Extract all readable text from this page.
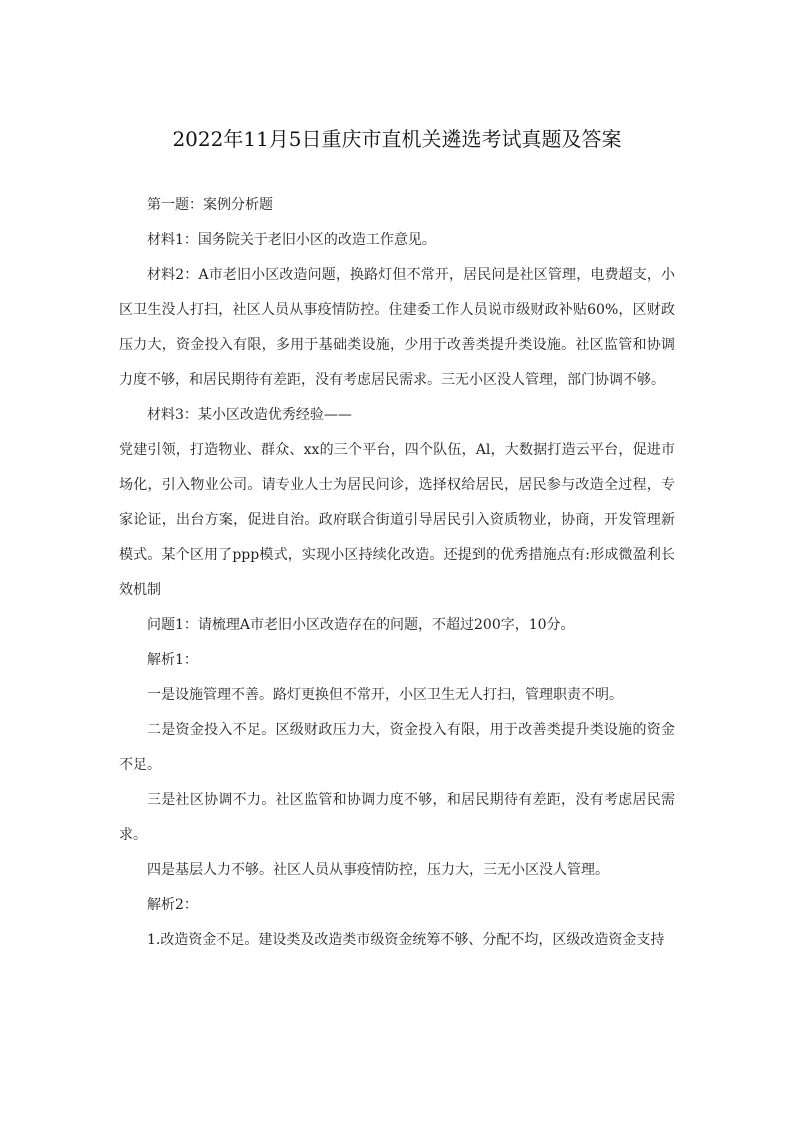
2022年11月5日重庆市直机关遴选考试真题及答案

第一题：案例分析题

材料1：国务院关于老旧小区的改造工作意见。

材料2：A市老旧小区改造问题，换路灯但不常开，居民问是社区管理，电费超支，小区卫生没人打扫，社区人员从事疫情防控。住建委工作人员说市级财政补贴60%，区财政压力大，资金投入有限，多用于基础类设施，少用于改善类提升类设施。社区监管和协调力度不够，和居民期待有差距，没有考虑居民需求。三无小区没人管理，部门协调不够。

材料3：某小区改造优秀经验——

党建引领，打造物业、群众、xx的三个平台，四个队伍，Al，大数据打造云平台，促进市场化，引入物业公司。请专业人士为居民问诊，选择权给居民，居民参与改造全过程，专家论证，出台方案，促进自治。政府联合街道引导居民引入资质物业，协商，开发管理新模式。某个区用了ppp模式，实现小区持续化改造。还提到的优秀措施点有:形成微盈利长效机制

问题1：请梳理A市老旧小区改造存在的问题，不超过200字，10分。

解析1：

一是设施管理不善。路灯更换但不常开，小区卫生无人打扫，管理职责不明。

二是资金投入不足。区级财政压力大，资金投入有限，用于改善类提升类设施的资金不足。

三是社区协调不力。社区监管和协调力度不够，和居民期待有差距，没有考虑居民需求。

四是基层人力不够。社区人员从事疫情防控，压力大，三无小区没人管理。

解析2：

1.改造资金不足。建设类及改造类市级资金统筹不够、分配不均，区级改造资金支持
